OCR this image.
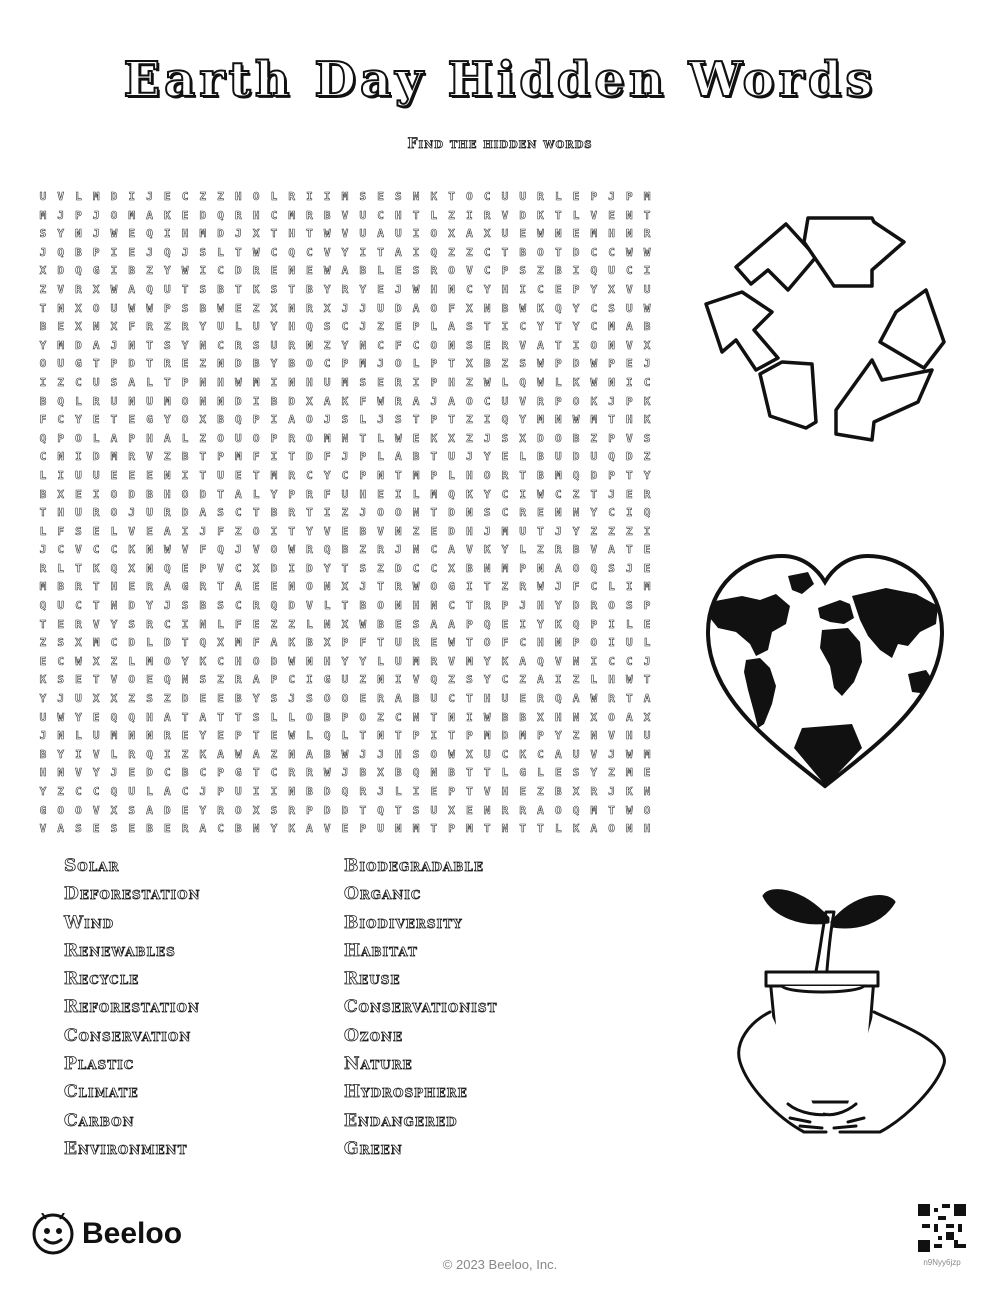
Earth Day Hidden Words
Find the hidden words
U	V	L	M	D	I	J	E	C	Z	Z	H	O	L	R	I	I	M	S	E	S	N	K	T	O	C	U	U	R	L	E	P	J	P	M
M	J	P	J	O	M	A	K	E	D	Q	R	H	C	M	R	B	V	U	C	H	T	L	Z	I	R	V	D	K	T	L	V	E	N	T
S	Y	N	J	W	E	Q	I	H	M	D	J	X	T	H	T	W	V	U	A	U	I	O	X	A	X	U	E	W	N	E	M	H	N	R
J	Q	B	P	I	E	J	Q	J	S	L	T	W	C	Q	C	V	Y	I	T	A	I	Q	Z	Z	C	T	B	O	T	D	C	C	W	W
X	D	Q	G	I	B	Z	Y	W	I	C	D	R	E	N	E	W	A	B	L	E	S	R	O	V	C	P	S	Z	B	I	Q	U	C	I
Z	V	R	X	W	A	Q	U	T	S	B	T	K	S	T	B	Y	R	Y	E	J	W	H	N	C	Y	H	I	C	E	P	Y	X	V	U
T	N	X	O	U	W	W	P	S	B	W	E	Z	X	N	R	X	J	J	U	D	A	O	F	X	N	B	W	K	Q	Y	C	S	U	W
B	E	X	N	X	F	R	Z	R	Y	U	L	U	Y	H	Q	S	C	J	Z	E	P	L	A	S	T	I	C	Y	T	Y	C	M	A	B
Y	M	D	A	J	N	T	S	Y	N	C	R	S	U	R	N	Z	Y	N	C	F	C	O	N	S	E	R	V	A	T	I	O	N	V	X
O	U	G	T	P	D	T	R	E	Z	N	D	B	Y	B	O	C	P	M	J	O	L	P	T	X	B	Z	S	W	P	D	W	P	E	J
I	Z	C	U	S	A	L	T	P	N	H	W	M	I	N	H	U	M	S	E	R	I	P	H	Z	W	L	Q	W	L	K	W	N	I	C
B	Q	L	R	U	N	U	M	O	N	N	D	I	B	D	X	A	K	F	W	R	A	J	A	O	C	U	V	R	P	O	K	J	P	K
F	C	Y	E	T	E	G	Y	O	X	B	Q	P	I	A	O	J	S	L	J	S	T	P	T	Z	I	Q	Y	M	N	W	M	T	H	K
Q	P	O	L	A	P	H	A	L	Z	O	U	O	P	R	O	M	N	T	L	W	E	K	X	Z	J	S	X	D	O	B	Z	P	V	S
C	N	I	D	M	R	V	Z	B	T	P	M	F	I	T	D	F	J	P	L	A	B	T	U	J	Y	E	L	B	U	D	U	Q	D	Z
L	I	U	U	E	E	E	N	I	T	U	E	T	M	R	C	Y	C	P	N	T	M	P	L	H	O	R	T	B	M	Q	D	P	T	Y
B	X	E	I	O	D	B	H	O	D	T	A	L	Y	P	R	F	U	H	E	I	L	M	Q	K	Y	C	I	W	C	Z	T	J	E	R
T	H	U	R	O	J	U	R	D	A	S	C	T	B	R	T	I	Z	J	O	O	N	T	D	N	S	C	R	E	N	N	Y	C	I	Q
L	F	S	E	L	V	E	A	I	J	F	Z	O	I	T	Y	V	E	B	V	N	Z	E	D	H	J	M	U	T	J	Y	Z	Z	Z	I
J	C	V	C	C	K	N	W	V	F	Q	J	V	O	W	R	Q	B	Z	R	J	N	C	A	V	K	Y	L	Z	R	B	V	A	T	E
R	L	T	K	Q	X	N	Q	E	P	V	C	X	D	I	D	Y	T	S	Z	D	C	C	X	B	N	M	P	N	A	O	Q	S	J	E
M	B	R	T	H	E	R	A	G	R	T	A	E	E	N	O	N	X	J	T	R	W	O	G	I	T	Z	R	W	J	F	C	L	I	M
Q	U	C	T	N	D	Y	J	S	B	S	C	R	Q	D	V	L	T	B	O	N	H	N	C	T	R	P	J	H	Y	D	R	O	S	P
T	E	R	V	Y	S	R	C	I	N	L	F	E	Z	Z	L	N	X	W	B	E	S	A	A	P	Q	E	I	Y	K	Q	P	I	L	E
Z	S	X	M	C	D	L	D	T	Q	X	M	F	A	K	B	X	P	F	T	U	R	E	W	T	O	F	C	H	N	P	O	I	U	L
E	C	W	X	Z	L	M	O	Y	K	C	H	O	D	W	N	H	Y	Y	L	U	M	R	V	M	Y	K	A	Q	V	N	I	C	C	J
K	S	E	T	V	O	E	Q	N	S	Z	R	A	P	C	I	G	U	Z	N	I	V	Q	Z	S	Y	C	Z	A	I	Z	L	H	W	T
Y	J	U	X	X	Z	S	Z	D	E	E	B	Y	S	J	S	O	O	E	R	A	B	U	C	T	H	U	E	R	Q	A	W	R	T	A
U	W	Y	E	Q	Q	H	A	T	A	T	T	S	L	L	O	B	P	O	Z	C	N	T	N	I	W	B	B	X	H	N	X	O	A	X
J	N	L	U	M	N	N	R	E	Y	E	P	T	E	W	L	Q	L	T	N	T	P	I	T	P	M	D	M	P	Y	Z	N	V	H	U
B	Y	I	V	L	R	Q	I	Z	K	A	W	A	Z	N	A	B	W	J	J	H	S	O	W	X	U	C	K	C	A	U	V	J	W	M
H	N	V	Y	J	E	D	C	B	C	P	G	T	C	R	R	W	J	B	X	B	Q	N	B	T	T	L	G	L	E	S	Y	Z	M	E
Y	Z	C	C	Q	U	L	A	C	J	P	U	I	I	N	B	D	Q	R	J	L	I	E	P	T	V	H	E	Z	B	X	R	J	K	N
G	O	O	V	X	S	A	D	E	Y	R	O	X	S	R	P	D	D	T	Q	T	S	U	X	E	N	R	R	A	O	Q	M	T	W	O
V	A	S	E	S	E	B	E	R	A	C	B	N	Y	K	A	V	E	P	U	N	M	T	P	M	T	N	T	T	L	K	A	O	N	H
Solar
Deforestation
Wind
Renewables
Recycle
Reforestation
Conservation
Plastic
Climate
Carbon
Environment
Biodegradable
Organic
Biodiversity
Habitat
Reuse
Conservationist
Ozone
Nature
Hydrosphere
Endangered
Green
Beeloo
© 2023 Beeloo, Inc.	n9Nyy6jzp
